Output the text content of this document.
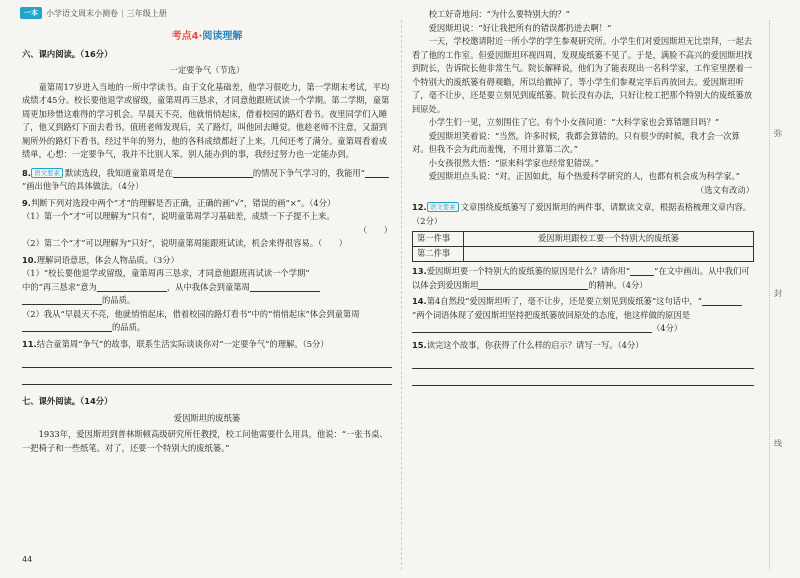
一本	小学语文周末小测卷 | 三年级上册
考点4·阅读理解

六、课内阅读。（16分）

一定要争气（节选）

童第周17岁进入当地的一所中学读书。由于文化基础差，他学习很吃力，第一学期末考试，平均成绩才45分。校长要他退学或留级，童第周再三恳求，才同意他跟班试读一个学期。第二学期，童第周更加珍惜这难得的学习机会。早晨天不亮，他就悄悄起床，借着校园的路灯看书。夜里同学们入睡了，他又到路灯下面去看书。值班老师发现后，关了路灯，叫他回去睡觉。他趁老师不注意，又溜到厕所外的路灯下看书。经过半年的努力，他的各科成绩都赶了上来，几何还考了满分。童第周看着成绩单，心想：一定要争气，我并不比别人笨。别人能办到的事，我经过努力也一定能办到。

8. 语文要素 默读选段，我知道童第周是在	的情况下争气学习的，我能用“”画出他争气的具体做法。（4分）

9.判断下列对选段中两个“才”的理解是否正确，正确的画“√”，错误的画“×”。（4分）

（1）第一个“才”可以理解为“只有”，说明童第周学习基础差，成绩一下子提不上来。

（　　）

（2）第二个“才”可以理解为“只好”，说明童第周能跟班试读，机会来得很容易。（　　）

10.理解词语意思，体会人物品质。（3分）

（1）“校长要他退学或留级，童第周再三恳求，才同意他跟班再试读一个学期”

中的“再三恳求”意为	，从中我体会到童第周

的品质。

（2）我从“早晨天不亮，他就悄悄起床，借着校园的路灯看书”中的“悄悄起床”体会到童第周

的品质。

11.结合童第周“争气”的故事，联系生活实际谈谈你对“一定要争气”的理解。（5分）

七、课外阅读。（14分）

爱因斯坦的废纸篓

1933年，爱因斯坦到普林斯顿高级研究所任教授，校工问他需要什么用具，他说：“一张书桌、一把椅子和一些纸笔。对了，还要一个特别大的废纸篓。”

44

校工好奇地问：“为什么要特别大的？”

爱因斯坦说：“好让我把所有的错误都扔进去啊！”

一天，学校邀请附近一所小学的学生参观研究所。小学生们对爱因斯坦无比崇拜，一起去看了他的工作室。但爱因斯坦环视四周，发现废纸篓不见了。于是，满脸不高兴的爱因斯坦找到院长，告诉院长他非常生气。院长解释说，他们为了能表现出一名科学家，工作室里摆着一个特别大的废纸篓有碍观瞻，所以给撤掉了，等小学生们参观完毕后再放回去。爱因斯坦听了，毫不让步，还是要立刻见到废纸篓。院长没有办法，只好让校工把那个特别大的废纸篓放回原处。

小学生们一见，立刻围住了它。有个小女孩问道：“大科学家也会算错题目吗？”

爱因斯坦笑着说：“当然。许多时候，我都会算错的。只有很少的时候，我才会一次算对。但我不会为此而羞愧，不用计算第二次。”

小女孩很然大悟：“原来科学家也经常犯错误。”

爱因斯坦点头说：“对。正因如此，每个热爱科学研究的人，也都有机会成为科学家。”

（选文有改动）

12. 语文要素 文章围绕废纸篓写了爱因斯坦的两件事，请默读文章，根据表格梳理文章内容。（2分）

第一件事	爱因斯坦跟校工要一个特别大的废纸篓
第二件事	

13.爱因斯坦要一个特别大的废纸篓的原因是什么？请你用“	”在文中画出。从中我们可以体会到爱因斯坦	的精神。（4分）

14.第4自然段“爱因斯坦听了，毫不让步，还是要立刻见到废纸篓”这句话中，“”两个词语体现了爱因斯坦坚持把废纸篓放回原处的态度，他这样做的原因是（4分）

15.读完这个故事，你获得了什么样的启示？请写一写。（4分）

弥
封
线
